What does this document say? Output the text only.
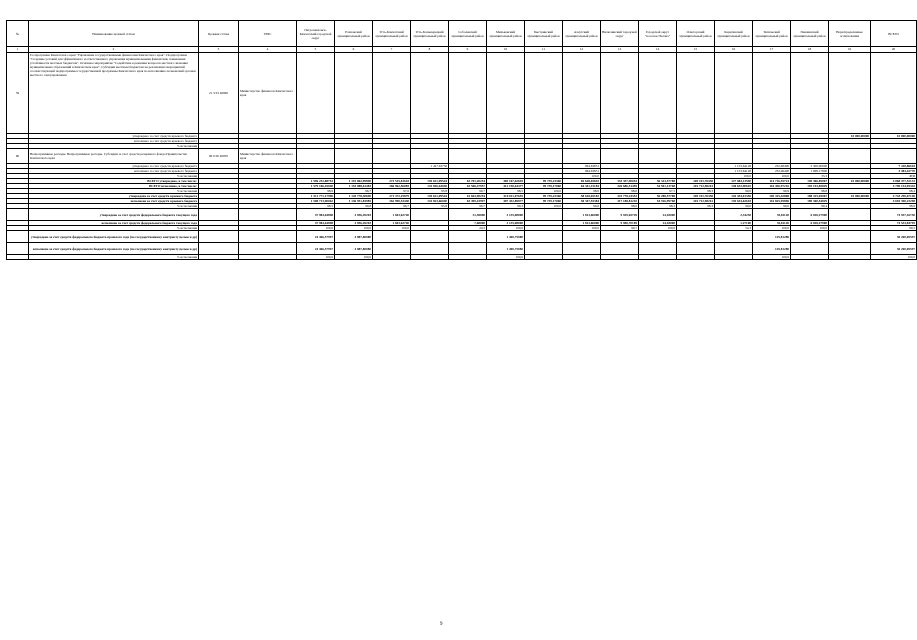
№	Наименование целевой статьи	Целевая статья	ГРБС	Петропавловск-Камчатский городской округ	Елизовский муниципальный район	Усть-Камчатский муниципальный район	Усть-Большерецкий муниципальный район	Соболевский муниципальный район	Мильковский муниципальный район	Быстринский муниципальный район	Алеутский муниципальный район	Вилючинский городской округ	Городской округ "поселок Палана"	Олюторский муниципальный район	Карагинский муниципальный район	Тигильский муниципальный район	Пенжинский муниципальный район	Нераспределенные ассигнования	ВСЕГО
1	2	3	4	5	6	7	8	9	10	11	12	13	14	15	16	17	18	19	20
59	Госпрограмма Камчатского края "Управление государственными финансами Камчатского края". Подпрограмма "Создание условий для эффективного и ответственного управления муниципальными финансами, повышения устойчивости местных бюджетов". Основное мероприятие "Содействие в решении вопросов местного значения муниципальных образований в Камчатском крае". Субсидии местным бюджетам на реализацию мероприятий соответствующей подпрограммы государственной программы Камчатского края по исполнению полномочий органов местного самоуправления	21 3 03 40060	Министерство финансов Камчатского края																
	утверждено за счет средств краевого бюджета																	10 000,00000	10 000,00000
	исполнено за счет средств краевого бюджета																		
	% исполнения																		
60	Непрограммные расходы. Непрограммные расходы. Субсидии за счет средств резервного фонда Правительства Камчатского края	99 0 00 40050	Министерство финансов Камчатского края																
	утверждено за счет средств краевого бюджета						1 427,63756				964,63831				1 153,64128	232,96400	3 300,00000		7 418,86618
	исполнено за счет средств краевого бюджета										964,63831				1 153,64128	232,96400	1 098,17800		3 483,42770
	% исполнения										100,0				100,0	100,0	33,3		47,0
	ВСЕГО утверждено, в том числе:			1 596 232,88753	1 191 862,99890	273 515,81618	139 621,09544	63 701,20254	485 167,62695	99 739,23360	65 628,65692	333 357,90053	56 313,57788	205 191,76458	127 084,13590	114 716,55724	190 466,85067	10 000,00000	4 868 477,52133
	ВСЕГО исполнено, в том числе:			1 579 166,45040	1 153 088,61483	266 962,56085	133 826,64040	63 506,47957	412 150,64477	99 739,17060	64 341,15184	326 686,51459	54 941,13768	201 712,98261	138 633,90610	116 456,97216	195 193,85829		4 790 134,95342
	% исполнения			98,9	96,7	97,6	95,8	99,7	98,5	100,0	98,0	98,0	97,5	98,3	99,0	99,9	98,8		98,4
	утверждено за счет средств краевого бюджета			1 511 771,17996	1 145 778,30690	271 372,19879	139 621,09544	61 663,90254	410 611,07655	99 739,23360	58 618,65182	323 778,24353	56 288,57788	205 191,76458	126 454,01356	105 415,42868	188 415,65067	10 000,00000	4 743 290,67146
	исполнено за счет средств краевого бюджета			1 508 713,90062	1 146 951,83985	262 990,53440	133 823,66040	63 499,43997	407 432,89877	99 739,17060	58 347,55384	317 188,81210	54 916,99768	201 712,98261	139 634,62618	116 825,95896	189 360,54829		4 693 390,23298
	% исполнения			99,5	99,8	96,7	95,8	99,7	99,3	100,0	99,6	98,0	98,3	98,3	99,0	99,0	99,4		98,9
	утверждено за счет средств федерального бюджета текущего года			47 984,64898	3 056,49203	1 843,62740		31,38000	3 135,08000		1 813,60000	9 929,65749	24,18000		2,34230	35,81120	6 818,27900		74 937,16730
	исполнено за счет средств федерального бюджета текущего года			47 984,64898	3 056,49203	1 843,62740		7,68000	3 135,08000		1 813,60000	9 900,70189	24,18000		1,27100	35,81120	6 818,27900		74 533,84795
	% исполнения			100,0	100,0	100,0		24,5	100,0		100,0	99,7	100,0		54,3	100,0	100,0		99,5
	утверждено за счет средств федерального бюджета прошлого года (по государственному контракту целью и др)			24 466,57997	4 887,80080				1 400,75080							129,81280			30 200,69597
	исполнено за счет средств федерального бюджета прошлого года (по государственному контракту целью и др)			24 466,57997	4 887,80080				1 400,75080							129,81280			30 200,69597
	% исполнения			100,0	100,0				100,0							100,0			100,0
9
